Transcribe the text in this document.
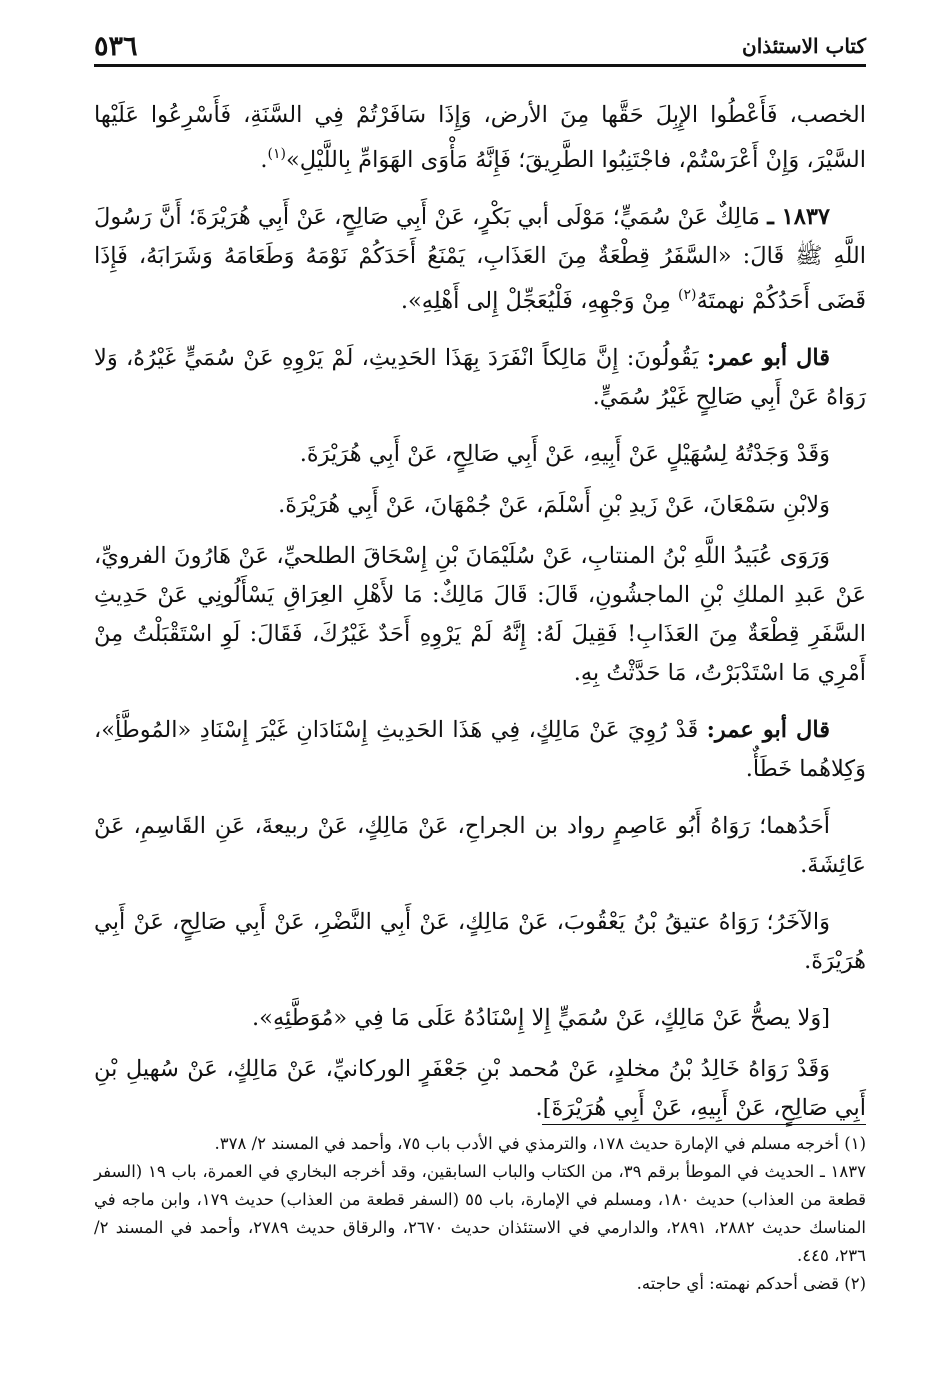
٥٣٦	كتاب الاستئذان

الخصب، فَأَعْطُوا الإِبِلَ حَقَّها مِنَ الأرض، وَإِذَا سَافَرْتُمْ فِي السَّنَةِ، فَأَسْرِعُوا عَلَيْها السَّيْرَ، وَإِنْ أَعْرَسْتُمْ، فاجْتَنِبُوا الطَّرِيقَ؛ فَإِنَّهُ مَأْوَى الهَوَامِّ بِاللَّيْلِ»$^{(١)}$.

١٨٣٧ ـ مَالِكٌ عَنْ سُمَيٍّ؛ مَوْلَى أبي بَكْرٍ، عَنْ أَبِي صَالِحٍ، عَنْ أَبِي هُرَيْرَةَ؛ أَنَّ رَسُولَ اللَّهِ ﷺ قَالَ: «السَّفَرُ قِطْعَةٌ مِنَ العَذَابِ، يَمْنَعُ أَحَدَكُمْ نَوْمَهُ وَطَعَامَهُ وَشَرَابَهُ، فَإِذَا قَضَى أَحَدُكُمْ نهمتَهُ$^{(٢)}$ مِنْ وَجْهِهِ، فَلْيُعَجِّلْ إِلى أَهْلِهِ».

قال أبو عمر: يَقُولُونَ: إِنَّ مَالِكاً انْفَرَدَ بِهَذَا الحَدِيثِ، لَمْ يَرْوِهِ عَنْ سُمَيٍّ غَيْرُهُ، وَلا رَوَاهُ عَنْ أَبِي صَالِحٍ غَيْرُ سُمَيٍّ.

وَقَدْ وَجَدْتُهُ لِسُهَيْلٍ عَنْ أَبِيهِ، عَنْ أَبِي صَالِحٍ، عَنْ أَبِي هُرَيْرَةَ.

وَلابْنِ سَمْعَانَ، عَنْ زَيدِ بْنِ أَسْلَمَ، عَنْ جُمْهَانَ، عَنْ أَبِي هُرَيْرَةَ.

وَرَوَى عُبَيدُ اللَّهِ بْنُ المنتابِ، عَنْ سُلَيْمَانَ بْنِ إِسْحَاقَ الطلحيِّ، عَنْ هَارُونَ الفرويِّ، عَنْ عَبدِ الملكِ بْنِ الماجشُونِ، قَالَ: قَالَ مَالِكٌ: مَا لأَهْلِ العِرَاقِ يَسْأَلُونِي عَنْ حَدِيثِ السَّفَرِ قِطْعَةٌ مِنَ العَذَابِ! فَقِيلَ لَهُ: إِنَّهُ لَمْ يَرْوِهِ أَحَدٌ غَيْرُكَ، فَقَالَ: لَوِ اسْتَقْبَلْتُ مِنْ أَمْرِي مَا اسْتَدْبَرْتُ، مَا حَدَّثْتُ بِهِ.

قال أبو عمر: قَدْ رُوِيَ عَنْ مَالِكٍ، فِي هَذَا الحَدِيثِ إِسْنَادَانِ غَيْرَ إِسْنَادِ «المُوطَّأِ»، وَكِلاهُما خَطَأٌ.

أَحَدُهما؛ رَوَاهُ أَبُو عَاصِمٍ رواد بن الجراحِ، عَنْ مَالِكٍ، عَنْ ربيعةَ، عَنِ القَاسِمِ، عَنْ عَائِشَةَ.

وَالآخَرُ؛ رَوَاهُ عتيقُ بْنُ يَعْقُوبَ، عَنْ مَالِكٍ، عَنْ أَبِي النَّضْرِ، عَنْ أَبِي صَالِحٍ، عَنْ أَبِي هُرَيْرَةَ.

[وَلا يصحُّ عَنْ مَالِكٍ، عَنْ سُمَيٍّ إِلا إِسْنَادُهُ عَلَى مَا فِي «مُوَطَّئِهِ».

وَقَدْ رَوَاهُ خَالِدُ بْنُ مخلدٍ، عَنْ مُحمد بْنِ جَعْفَرٍ الوركانيِّ، عَنْ مَالِكٍ، عَنْ سُهيلِ بْنِ أَبِي صَالِحٍ، عَنْ أَبِيهِ، عَنْ أَبِي هُرَيْرَةَ].

(١) أخرجه مسلم في الإمارة حديث ١٧٨، والترمذي في الأدب باب ٧٥، وأحمد في المسند ٢/ ٣٧٨.

١٨٣٧ ـ الحديث في الموطأ برقم ٣٩، من الكتاب والباب السابقين، وقد أخرجه البخاري في العمرة، باب ١٩ (السفر قطعة من العذاب) حديث ١٨٠، ومسلم في الإمارة، باب ٥٥ (السفر قطعة من العذاب) حديث ١٧٩، وابن ماجه في المناسك حديث ٢٨٨٢، ٢٨٩١، والدارمي في الاستئذان حديث ٢٦٧٠، والرقاق حديث ٢٧٨٩، وأحمد في المسند ٢/ ٢٣٦، ٤٤٥.

(٢) قضى أحدكم نهمته: أي حاجته.
